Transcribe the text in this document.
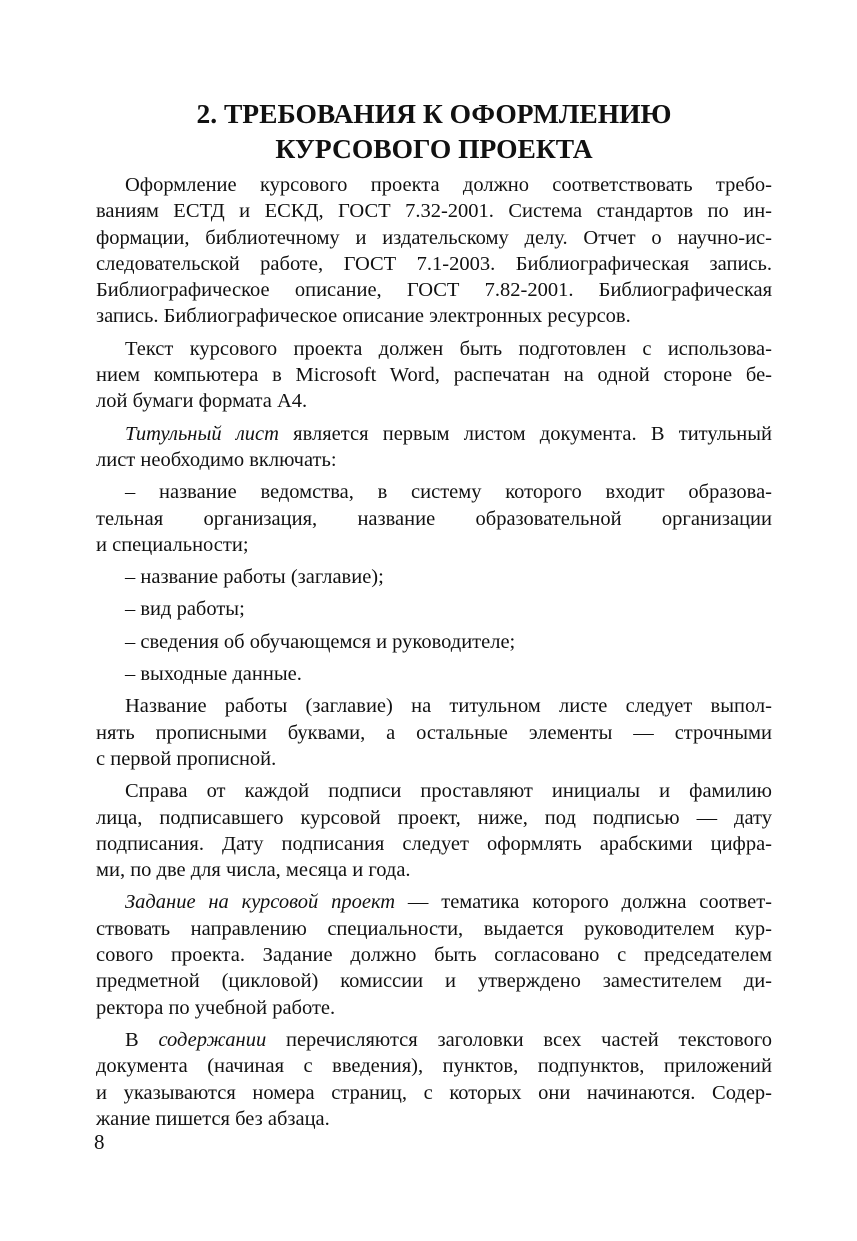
2. ТРЕБОВАНИЯ К ОФОРМЛЕНИЮ
КУРСОВОГО ПРОЕКТА

Оформление курсового проекта должно соответствовать требо-
ваниям ЕСТД и ЕСКД, ГОСТ 7.32-2001. Система стандартов по ин-
формации, библиотечному и издательскому делу. Отчет о научно-ис-
следовательской работе, ГОСТ 7.1-2003. Библиографическая запись.
Библиографическое описание, ГОСТ 7.82-2001. Библиографическая
запись. Библиографическое описание электронных ресурсов.

Текст курсового проекта должен быть подготовлен с использова-
нием компьютера в Microsoft Word, распечатан на одной стороне бе-
лой бумаги формата А4.

Титульный лист является первым листом документа. В титульный
лист необходимо включать:

– название ведомства, в систему которого входит образова-
тельная организация, название образовательной организации
и специальности;

– название работы (заглавие);

– вид работы;

– сведения об обучающемся и руководителе;

– выходные данные.

Название работы (заглавие) на титульном листе следует выпол-
нять прописными буквами, а остальные элементы — строчными
с первой прописной.

Справа от каждой подписи проставляют инициалы и фамилию
лица, подписавшего курсовой проект, ниже, под подписью — дату
подписания. Дату подписания следует оформлять арабскими цифра-
ми, по две для числа, месяца и года.

Задание на курсовой проект — тематика которого должна соответ-
ствовать направлению специальности, выдается руководителем кур-
сового проекта. Задание должно быть согласовано с председателем
предметной (цикловой) комиссии и утверждено заместителем ди-
ректора по учебной работе.

В содержании перечисляются заголовки всех частей текстового
документа (начиная с введения), пунктов, подпунктов, приложений
и указываются номера страниц, с которых они начинаются. Содер-
жание пишется без абзаца.

8
